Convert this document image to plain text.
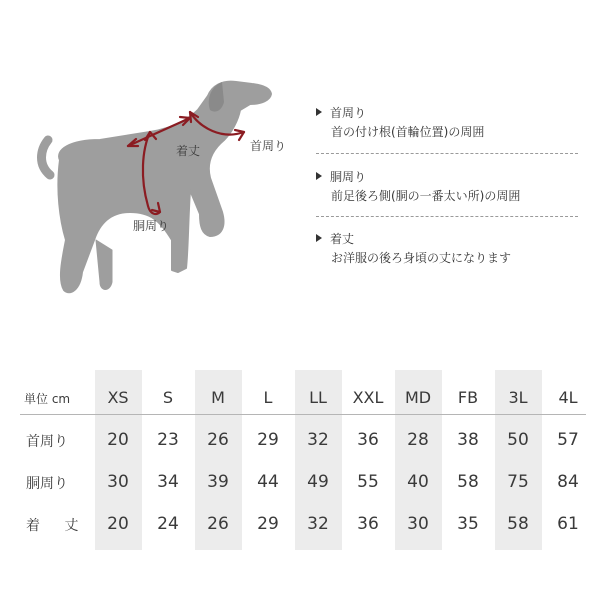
着丈	首周り
胴周り
首周り
首の付け根(首輪位置)の周囲
胴周り
前足後ろ側(胴の一番太い所)の周囲
着丈
お洋服の後ろ身頃の丈になります
単位 cm	XS	S	M	L	LL	XXL	MD	FB	3L	4L
首周り	20	23	26	29	32	36	28	38	50	57
胴周り	30	34	39	44	49	55	40	58	75	84
着 丈	20	24	26	29	32	36	30	35	58	61
